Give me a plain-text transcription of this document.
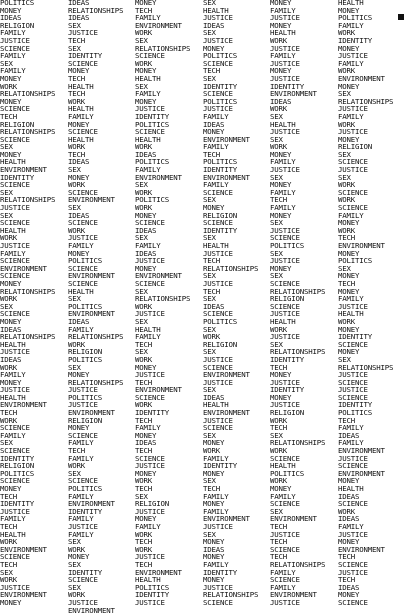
POLITICS
MONEY
IDEAS
RELIGION
FAMILY
JUSTICE
SCIENCE
FAMILY
SEX
FAMILY
MONEY
WORK
RELATIONSHIPS
MONEY
SCIENCE
TECH
RELIGION
RELATIONSHIPS
SCIENCE
SEX
MONEY
HEALTH
ENVIRONMENT
IDENTITY
SCIENCE
SEX
RELATIONSHIPS
JUSTICE
SEX
SCIENCE
HEALTH
WORK
JUSTICE
FAMILY
SCIENCE
ENVIRONMENT
SCIENCE
MONEY
RELATIONSHIPS
WORK
SEX
SCIENCE
MONEY
IDEAS
RELATIONSHIPS
HEALTH
JUSTICE
IDEAS
WORK
FAMILY
MONEY
JUSTICE
HEALTH
ENVIRONMENT
TECH
WORK
SCIENCE
FAMILY
SEX
SCIENCE
IDENTITY
RELIGION
POLITICS
SCIENCE
MONEY
TECH
IDENTITY
JUSTICE
FAMILY
TECH
HEALTH
WORK
ENVIRONMENT
SCIENCE
TECH
SEX
WORK
JUSTICE
ENVIRONMENT
MONEY
IDEAS
RELATIONSHIPS
IDEAS
SEX
JUSTICE
TECH
SEX
IDENTITY
SCIENCE
MONEY
TECH
HEALTH
TECH
WORK
HEALTH
FAMILY
MONEY
SCIENCE
HEALTH
WORK
TECH
IDEAS
SEX
MONEY
WORK
SCIENCE
ENVIRONMENT
SEX
IDEAS
SCIENCE
WORK
JUSTICE
FAMILY
MONEY
POLITICS
SCIENCE
ENVIRONMENT
SCIENCE
HEALTH
SEX
POLITICS
ENVIRONMENT
IDEAS
FAMILY
RELATIONSHIPS
WORK
RELIGION
POLITICS
SEX
MONEY
RELATIONSHIPS
JUSTICE
POLITICS
JUSTICE
ENVIRONMENT
RELIGION
MONEY
SCIENCE
FAMILY
TECH
FAMILY
WORK
SEX
SCIENCE
POLITICS
FAMILY
ENVIRONMENT
IDENTITY
FAMILY
JUSTICE
FAMILY
SEX
WORK
MONEY
SEX
IDENTITY
SCIENCE
SEX
WORK
JUSTICE
ENVIRONMENT
MONEY
TECH
FAMILY
ENVIRONMENT
WORK
SEX
RELATIONSHIPS
SCIENCE
WORK
MONEY
HEALTH
SEX
FAMILY
MONEY
JUSTICE
IDENTITY
POLITICS
SCIENCE
HEALTH
WORK
IDEAS
POLITICS
FAMILY
ENVIRONMENT
SEX
WORK
POLITICS
WORK
MONEY
SCIENCE
IDEAS
SEX
FAMILY
IDEAS
JUSTICE
MONEY
ENVIRONMENT
SCIENCE
SEX
RELATIONSHIPS
WORK
JUSTICE
SEX
HEALTH
FAMILY
TECH
SEX
WORK
MONEY
JUSTICE
TECH
ENVIRONMENT
SCIENCE
WORK
IDENTITY
TECH
FAMILY
MONEY
IDEAS
TECH
SCIENCE
JUSTICE
MONEY
WORK
TECH
SEX
RELIGION
JUSTICE
MONEY
FAMILY
WORK
TECH
WORK
JUSTICE
TECH
ENVIRONMENT
HEALTH
POLITICS
IDENTITY
JUSTICE
SEX
HEALTH
JUSTICE
IDEAS
SEX
JUSTICE
MONEY
POLITICS
SCIENCE
TECH
SEX
IDENTITY
SCIENCE
POLITICS
JUSTICE
FAMILY
IDEAS
MONEY
ENVIRONMENT
FAMILY
TECH
POLITICS
IDENTITY
ENVIRONMENT
FAMILY
SCIENCE
SEX
MONEY
RELIGION
SCIENCE
IDENTITY
SEX
HEALTH
JUSTICE
TECH
RELATIONSHIPS
SEX
JUSTICE
TECH
SEX
IDEAS
SCIENCE
POLITICS
SEX
WORK
RELIGION
SEX
JUSTICE
SCIENCE
ENVIRONMENT
JUSTICE
SEX
IDEAS
HEALTH
ENVIRONMENT
JUSTICE
SCIENCE
SEX
MONEY
WORK
FAMILY
IDENTITY
MONEY
SEX
TECH
FAMILY
MONEY
FAMILY
ENVIRONMENT
JUSTICE
SEX
MONEY
IDEAS
MONEY
FAMILY
IDENTITY
MONEY
JUSTICE
RELATIONSHIPS
SCIENCE
MONEY
FAMILY
JUSTICE
MONEY
HEALTH
WORK
JUSTICE
FAMILY
JUSTICE
MONEY
JUSTICE
IDENTITY
ENVIRONMENT
IDEAS
WORK
SEX
HEALTH
JUSTICE
SEX
WORK
MONEY
FAMILY
JUSTICE
SEX
MONEY
FAMILY
TECH
FAMILY
MONEY
SEX
JUSTICE
SCIENCE
POLITICS
SEX
JUSTICE
MONEY
SEX
SCIENCE
RELATIONSHIPS
RELIGION
SCIENCE
JUSTICE
HEALTH
WORK
JUSTICE
SEX
RELATIONSHIPS
IDENTITY
TECH
MONEY
JUSTICE
IDENTITY
MONEY
JUSTICE
RELIGION
WORK
TECH
SEX
RELATIONSHIPS
WORK
SCIENCE
HEALTH
POLITICS
WORK
MONEY
FAMILY
SCIENCE
SEX
ENVIRONMENT
TECH
JUSTICE
TECH
SCIENCE
TECH
RELATIONSHIPS
FAMILY
SCIENCE
FAMILY
ENVIRONMENT
JUSTICE
HEALTH
MONEY
POLITICS
FAMILY
WORK
IDENTITY
MONEY
JUSTICE
FAMILY
WORK
ENVIRONMENT
MONEY
SEX
RELATIONSHIPS
JUSTICE
FAMILY
WORK
JUSTICE
MONEY
RELIGION
SEX
SCIENCE
JUSTICE
SEX
WORK
SCIENCE
WORK
SCIENCE
FAMILY
MONEY
WORK
TECH
ENVIRONMENT
MONEY
POLITICS
SEX
MONEY
TECH
MONEY
FAMILY
JUSTICE
HEALTH
WORK
MONEY
IDENTITY
SCIENCE
MONEY
SEX
RELATIONSHIPS
JUSTICE
SCIENCE
JUSTICE
SCIENCE
IDENTITY
POLITICS
TECH
FAMILY
IDEAS
FAMILY
ENVIRONMENT
JUSTICE
SCIENCE
ENVIRONMENT
MONEY
HEALTH
IDEAS
SCIENCE
WORK
IDEAS
FAMILY
JUSTICE
MONEY
ENVIRONMENT
TECH
SCIENCE
JUSTICE
TECH
IDEAS
MONEY
SCIENCE
